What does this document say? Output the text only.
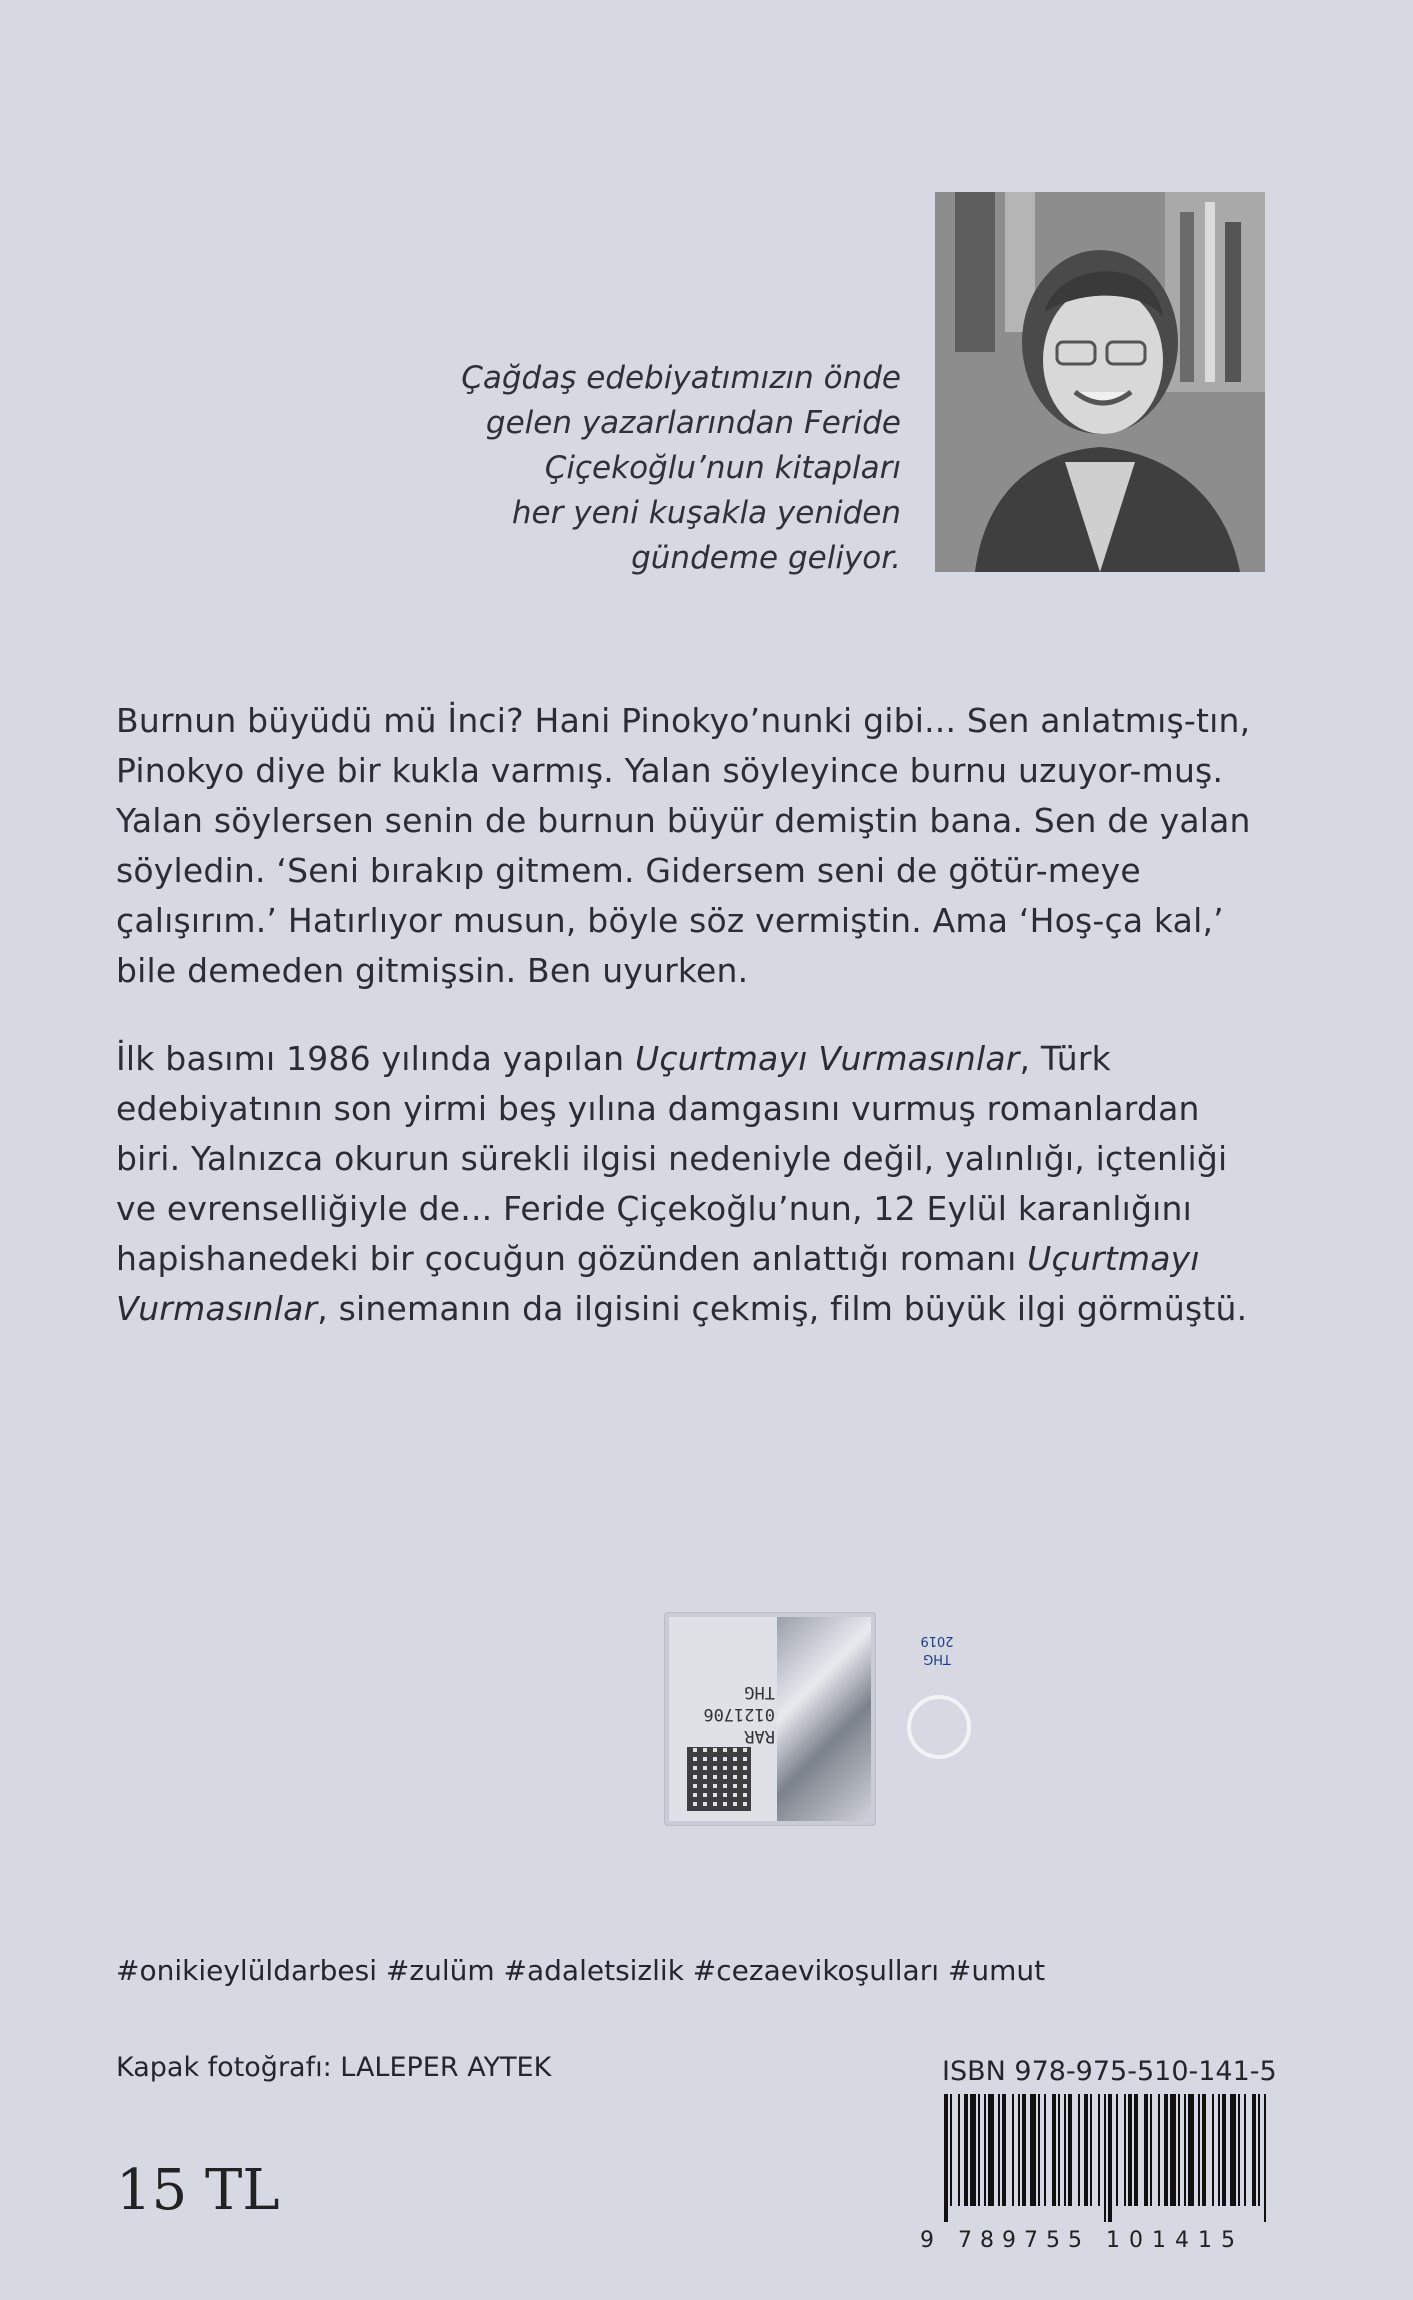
Çağdaş edebiyatımızın önde
gelen yazarlarından Feride
Çiçekoğlu’nun kitapları
her yeni kuşakla yeniden
gündeme geliyor.

Burnun büyüdü mü İnci? Hani Pinokyo’nunki gibi... Sen anlatmış-tın, Pinokyo diye bir kukla varmış. Yalan söyleyince burnu uzuyor-muş. Yalan söylersen senin de burnun büyür demiştin bana. Sen de yalan söyledin. ‘Seni bırakıp gitmem. Gidersem seni de götür-meye çalışırım.’ Hatırlıyor musun, böyle söz vermiştin. Ama ‘Hoş-ça kal,’ bile demeden gitmişsin. Ben uyurken.

İlk basımı 1986 yılında yapılan Uçurtmayı Vurmasınlar, Türk edebiyatının son yirmi beş yılına damgasını vurmuş romanlardan biri. Yalnızca okurun sürekli ilgisi nedeniyle değil, yalınlığı, içtenliği ve evrenselliğiyle de... Feride Çiçekoğlu’nun, 12 Eylül karanlığını hapishanedeki bir çocuğun gözünden anlattığı romanı Uçurtmayı Vurmasınlar, sinemanın da ilgisini çekmiş, film büyük ilgi görmüştü.

RAR
0121706
THG
THG
2019
#onikieylüldarbesi #zulüm #adaletsizlik #cezaevikoşulları #umut
Kapak fotoğrafı: LALEPER AYTEK	ISBN 978-975-510-141-5
9 789755 101415
15 TL
